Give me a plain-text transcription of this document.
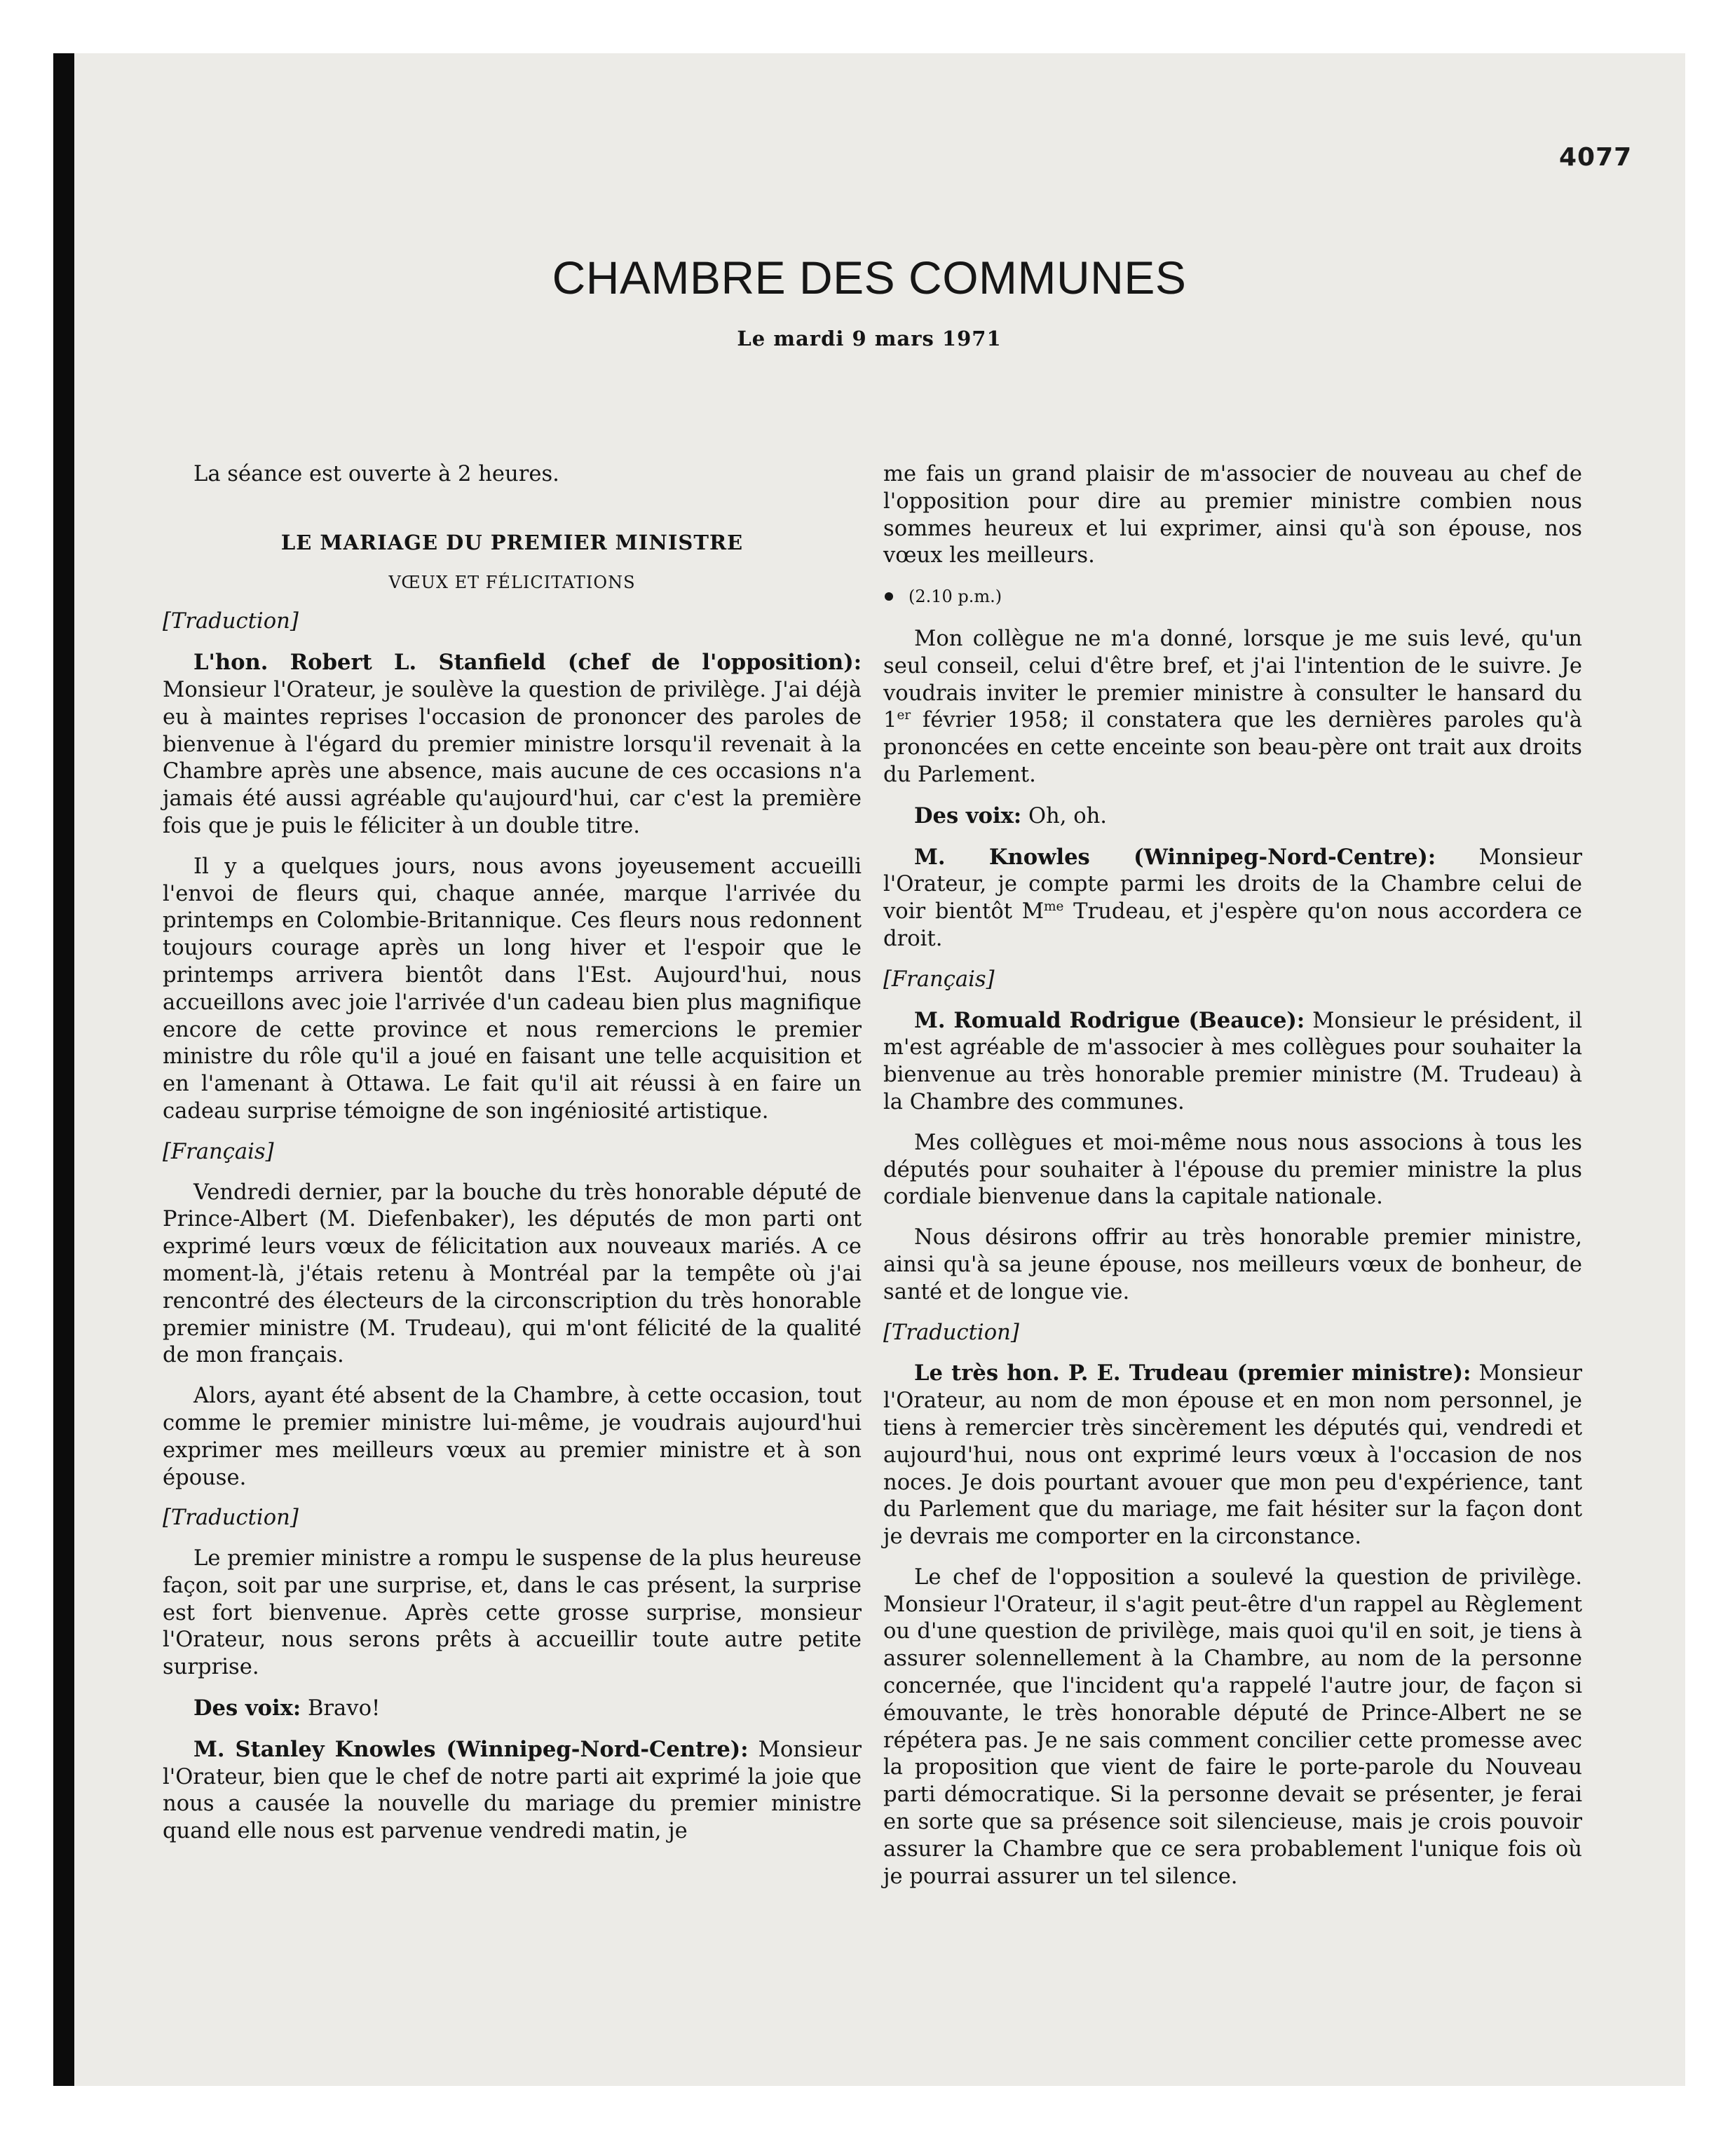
4077
CHAMBRE DES COMMUNES
Le mardi 9 mars 1971

La séance est ouverte à 2 heures.

LE MARIAGE DU PREMIER MINISTRE
VŒUX ET FÉLICITATIONS
[Traduction]

L'hon. Robert L. Stanfield (chef de l'opposition): Monsieur l'Orateur, je soulève la question de privilège. J'ai déjà eu à maintes reprises l'occasion de prononcer des paroles de bienvenue à l'égard du premier ministre lorsqu'il revenait à la Chambre après une absence, mais aucune de ces occasions n'a jamais été aussi agréable qu'aujourd'hui, car c'est la première fois que je puis le féliciter à un double titre.

Il y a quelques jours, nous avons joyeusement accueilli l'envoi de fleurs qui, chaque année, marque l'arrivée du printemps en Colombie-Britannique. Ces fleurs nous redonnent toujours courage après un long hiver et l'espoir que le printemps arrivera bientôt dans l'Est. Aujourd'hui, nous accueillons avec joie l'arrivée d'un cadeau bien plus magnifique encore de cette province et nous remercions le premier ministre du rôle qu'il a joué en faisant une telle acquisition et en l'amenant à Ottawa. Le fait qu'il ait réussi à en faire un cadeau surprise témoigne de son ingéniosité artistique.

[Français]

Vendredi dernier, par la bouche du très honorable député de Prince-Albert (M. Diefenbaker), les députés de mon parti ont exprimé leurs vœux de félicitation aux nouveaux mariés. A ce moment-là, j'étais retenu à Montréal par la tempête où j'ai rencontré des électeurs de la circonscription du très honorable premier ministre (M. Trudeau), qui m'ont félicité de la qualité de mon français.

Alors, ayant été absent de la Chambre, à cette occasion, tout comme le premier ministre lui-même, je voudrais aujourd'hui exprimer mes meilleurs vœux au premier ministre et à son épouse.

[Traduction]

Le premier ministre a rompu le suspense de la plus heureuse façon, soit par une surprise, et, dans le cas présent, la surprise est fort bienvenue. Après cette grosse surprise, monsieur l'Orateur, nous serons prêts à accueillir toute autre petite surprise.

Des voix: Bravo!

M. Stanley Knowles (Winnipeg-Nord-Centre): Monsieur l'Orateur, bien que le chef de notre parti ait exprimé la joie que nous a causée la nouvelle du mariage du premier ministre quand elle nous est parvenue vendredi matin, je

me fais un grand plaisir de m'associer de nouveau au chef de l'opposition pour dire au premier ministre combien nous sommes heureux et lui exprimer, ainsi qu'à son épouse, nos vœux les meilleurs.

(2.10 p.m.)

Mon collègue ne m'a donné, lorsque je me suis levé, qu'un seul conseil, celui d'être bref, et j'ai l'intention de le suivre. Je voudrais inviter le premier ministre à consulter le hansard du 1er février 1958; il constatera que les dernières paroles qu'à prononcées en cette enceinte son beau-père ont trait aux droits du Parlement.

Des voix: Oh, oh.

M. Knowles (Winnipeg-Nord-Centre): Monsieur l'Orateur, je compte parmi les droits de la Chambre celui de voir bientôt $M^{me}$ Trudeau, et j'espère qu'on nous accordera ce droit.

[Français]

M. Romuald Rodrigue (Beauce): Monsieur le président, il m'est agréable de m'associer à mes collègues pour souhaiter la bienvenue au très honorable premier ministre (M. Trudeau) à la Chambre des communes.

Mes collègues et moi-même nous nous associons à tous les députés pour souhaiter à l'épouse du premier ministre la plus cordiale bienvenue dans la capitale nationale.

Nous désirons offrir au très honorable premier ministre, ainsi qu'à sa jeune épouse, nos meilleurs vœux de bonheur, de santé et de longue vie.

[Traduction]

Le très hon. P. E. Trudeau (premier ministre): Monsieur l'Orateur, au nom de mon épouse et en mon nom personnel, je tiens à remercier très sincèrement les députés qui, vendredi et aujourd'hui, nous ont exprimé leurs vœux à l'occasion de nos noces. Je dois pourtant avouer que mon peu d'expérience, tant du Parlement que du mariage, me fait hésiter sur la façon dont je devrais me comporter en la circonstance.

Le chef de l'opposition a soulevé la question de privilège. Monsieur l'Orateur, il s'agit peut-être d'un rappel au Règlement ou d'une question de privilège, mais quoi qu'il en soit, je tiens à assurer solennellement à la Chambre, au nom de la personne concernée, que l'incident qu'a rappelé l'autre jour, de façon si émouvante, le très honorable député de Prince-Albert ne se répétera pas. Je ne sais comment concilier cette promesse avec la proposition que vient de faire le porte-parole du Nouveau parti démocratique. Si la personne devait se présenter, je ferai en sorte que sa présence soit silencieuse, mais je crois pouvoir assurer la Chambre que ce sera probablement l'unique fois où je pourrai assurer un tel silence.
